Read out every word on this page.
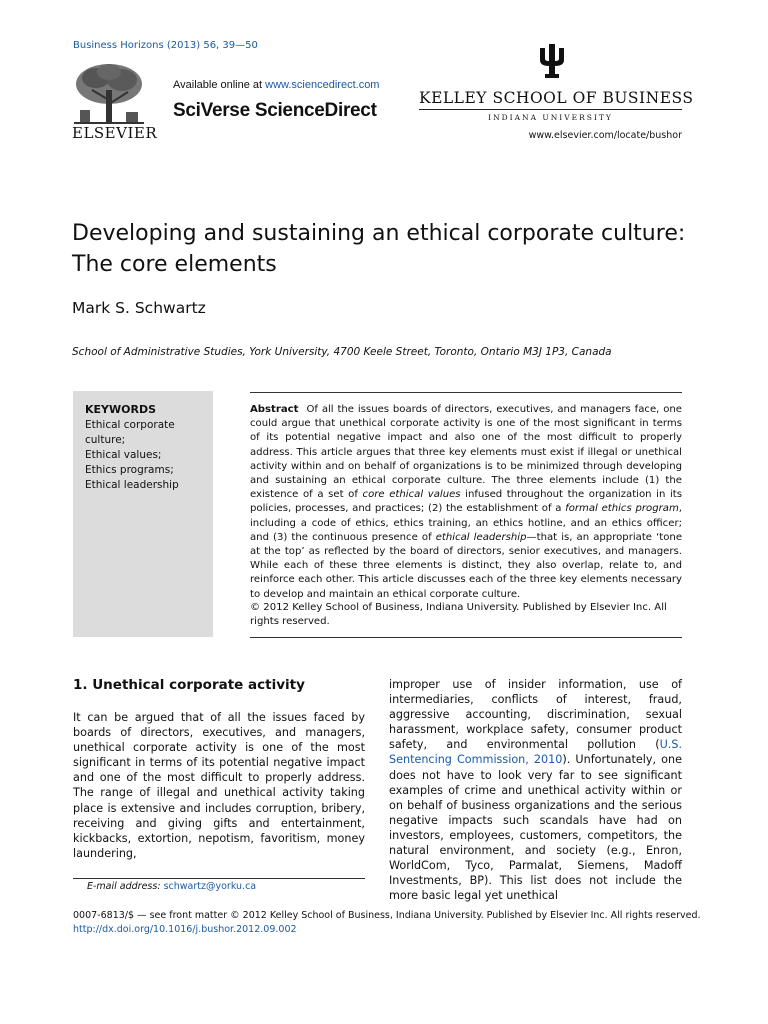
Business Horizons (2013) 56, 39—50
ELSEVIER
Available online at www.sciencedirect.com
SciVerse ScienceDirect
KELLEY SCHOOL OF BUSINESS
INDIANA UNIVERSITY
www.elsevier.com/locate/bushor
Developing and sustaining an ethical corporate culture: The core elements
Mark S. Schwartz
School of Administrative Studies, York University, 4700 Keele Street, Toronto, Ontario M3J 1P3, Canada
KEYWORDS
Ethical corporate culture;
Ethical values;
Ethics programs;
Ethical leadership

Abstract Of all the issues boards of directors, executives, and managers face, one could argue that unethical corporate activity is one of the most significant in terms of its potential negative impact and also one of the most difficult to properly address. This article argues that three key elements must exist if illegal or unethical activity within and on behalf of organizations is to be minimized through developing and sustaining an ethical corporate culture. The three elements include (1) the existence of a set of core ethical values infused throughout the organization in its policies, processes, and practices; (2) the establishment of a formal ethics program, including a code of ethics, ethics training, an ethics hotline, and an ethics officer; and (3) the continuous presence of ethical leadership—that is, an appropriate ‘tone at the top’ as reflected by the board of directors, senior executives, and managers. While each of these three elements is distinct, they also overlap, relate to, and reinforce each other. This article discusses each of the three key elements necessary to develop and maintain an ethical corporate culture.

© 2012 Kelley School of Business, Indiana University. Published by Elsevier Inc. All rights reserved.

1. Unethical corporate activity

It can be argued that of all the issues faced by boards of directors, executives, and managers, unethical corporate activity is one of the most significant in terms of its potential negative impact and one of the most difficult to properly address. The range of illegal and unethical activity taking place is extensive and includes corruption, bribery, receiving and giving gifts and entertainment, kickbacks, extortion, nepotism, favoritism, money laundering,

improper use of insider information, use of intermediaries, conflicts of interest, fraud, aggressive accounting, discrimination, sexual harassment, workplace safety, consumer product safety, and environmental pollution (U.S. Sentencing Commission, 2010). Unfortunately, one does not have to look very far to see significant examples of crime and unethical activity within or on behalf of business organizations and the serious negative impacts such scandals have had on investors, employees, customers, competitors, the natural environment, and society (e.g., Enron, WorldCom, Tyco, Parmalat, Siemens, Madoff Investments, BP). This list does not include the more basic legal yet unethical

E-mail address: schwartz@yorku.ca
0007-6813/$ — see front matter © 2012 Kelley School of Business, Indiana University. Published by Elsevier Inc. All rights reserved.
http://dx.doi.org/10.1016/j.bushor.2012.09.002
